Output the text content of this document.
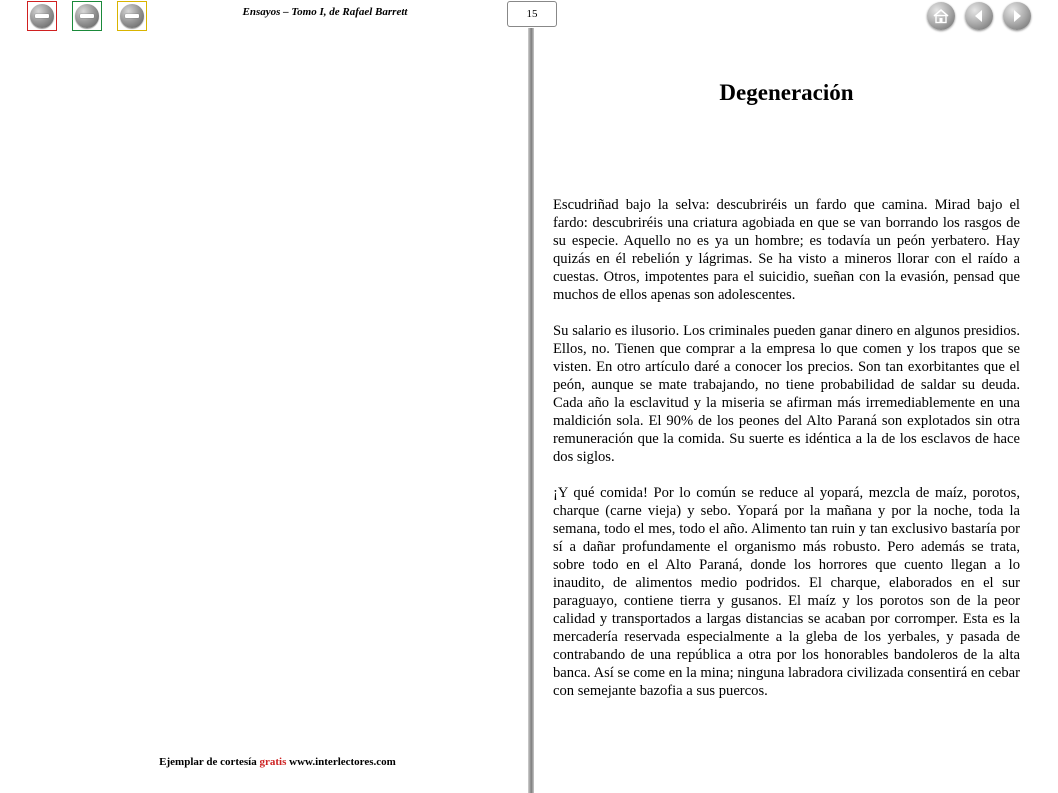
Ensayos – Tomo I, de Rafael Barrett	15
Degeneración

Escudriñad bajo la selva: descubriréis un fardo que camina. Mirad bajo el fardo: descubriréis una criatura agobiada en que se van borrando los rasgos de su especie. Aquello no es ya un hombre; es todavía un peón yerbatero. Hay quizás en él rebelión y lágrimas. Se ha visto a mineros llorar con el raído a cuestas. Otros, impotentes para el suicidio, sueñan con la evasión, pensad que muchos de ellos apenas son adolescentes.

Su salario es ilusorio. Los criminales pueden ganar dinero en algunos presidios. Ellos, no. Tienen que comprar a la empresa lo que comen y los trapos que se visten. En otro artículo daré a conocer los precios. Son tan exorbitantes que el peón, aunque se mate trabajando, no tiene probabilidad de saldar su deuda. Cada año la esclavitud y la miseria se afirman más irremediablemente en una maldición sola. El 90% de los peones del Alto Paraná son explotados sin otra remuneración que la comida. Su suerte es idéntica a la de los esclavos de hace dos siglos.

¡Y qué comida! Por lo común se reduce al yopará, mezcla de maíz, porotos, charque (carne vieja) y sebo. Yopará por la mañana y por la noche, toda la semana, todo el mes, todo el año. Alimento tan ruin y tan exclusivo bastaría por sí a dañar profundamente el organismo más robusto. Pero además se trata, sobre todo en el Alto Paraná, donde los horrores que cuento llegan a lo inaudito, de alimentos medio podridos. El charque, elaborados en el sur paraguayo, contiene tierra y gusanos. El maíz y los porotos son de la peor calidad y transportados a largas distancias se acaban por corromper. Esta es la mercadería reservada especialmente a la gleba de los yerbales, y pasada de contrabando de una república a otra por los honorables bandoleros de la alta banca. Así se come en la mina; ninguna labradora civilizada consentirá en cebar con semejante bazofia a sus puercos.

Ejemplar de cortesía gratis www.interlectores.com
